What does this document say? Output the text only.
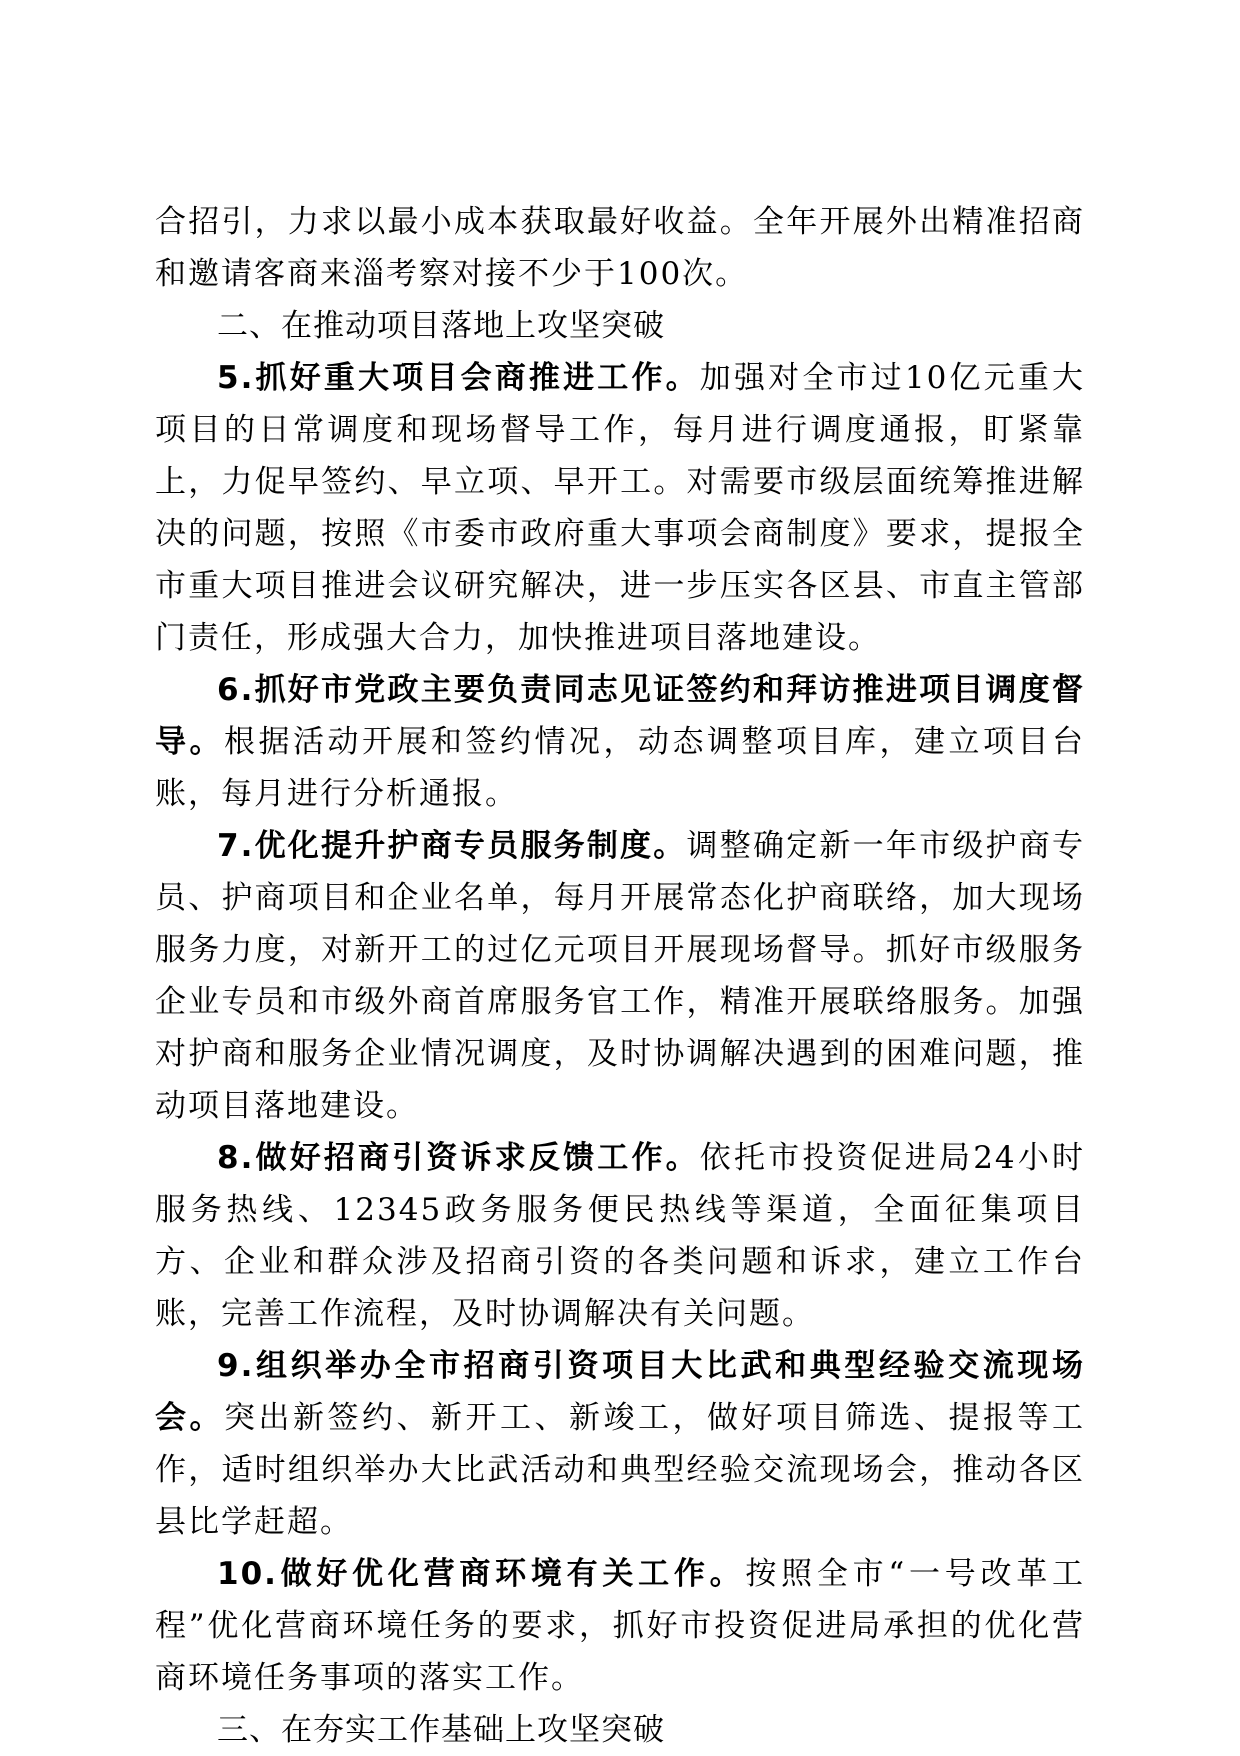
合招引，力求以最小成本获取最好收益。全年开展外出精准招商和邀请客商来淄考察对接不少于100次。

二、在推动项目落地上攻坚突破

5.抓好重大项目会商推进工作。加强对全市过10亿元重大项目的日常调度和现场督导工作，每月进行调度通报，盯紧靠上，力促早签约、早立项、早开工。对需要市级层面统筹推进解决的问题，按照《市委市政府重大事项会商制度》要求，提报全市重大项目推进会议研究解决，进一步压实各区县、市直主管部门责任，形成强大合力，加快推进项目落地建设。

6.抓好市党政主要负责同志见证签约和拜访推进项目调度督导。根据活动开展和签约情况，动态调整项目库，建立项目台账，每月进行分析通报。

7.优化提升护商专员服务制度。调整确定新一年市级护商专员、护商项目和企业名单，每月开展常态化护商联络，加大现场服务力度，对新开工的过亿元项目开展现场督导。抓好市级服务企业专员和市级外商首席服务官工作，精准开展联络服务。加强对护商和服务企业情况调度，及时协调解决遇到的困难问题，推动项目落地建设。

8.做好招商引资诉求反馈工作。依托市投资促进局24小时服务热线、12345政务服务便民热线等渠道，全面征集项目方、企业和群众涉及招商引资的各类问题和诉求，建立工作台账，完善工作流程，及时协调解决有关问题。

9.组织举办全市招商引资项目大比武和典型经验交流现场会。突出新签约、新开工、新竣工，做好项目筛选、提报等工作，适时组织举办大比武活动和典型经验交流现场会，推动各区县比学赶超。

10.做好优化营商环境有关工作。按照全市“一号改革工程”优化营商环境任务的要求，抓好市投资促进局承担的优化营商环境任务事项的落实工作。

三、在夯实工作基础上攻坚突破
